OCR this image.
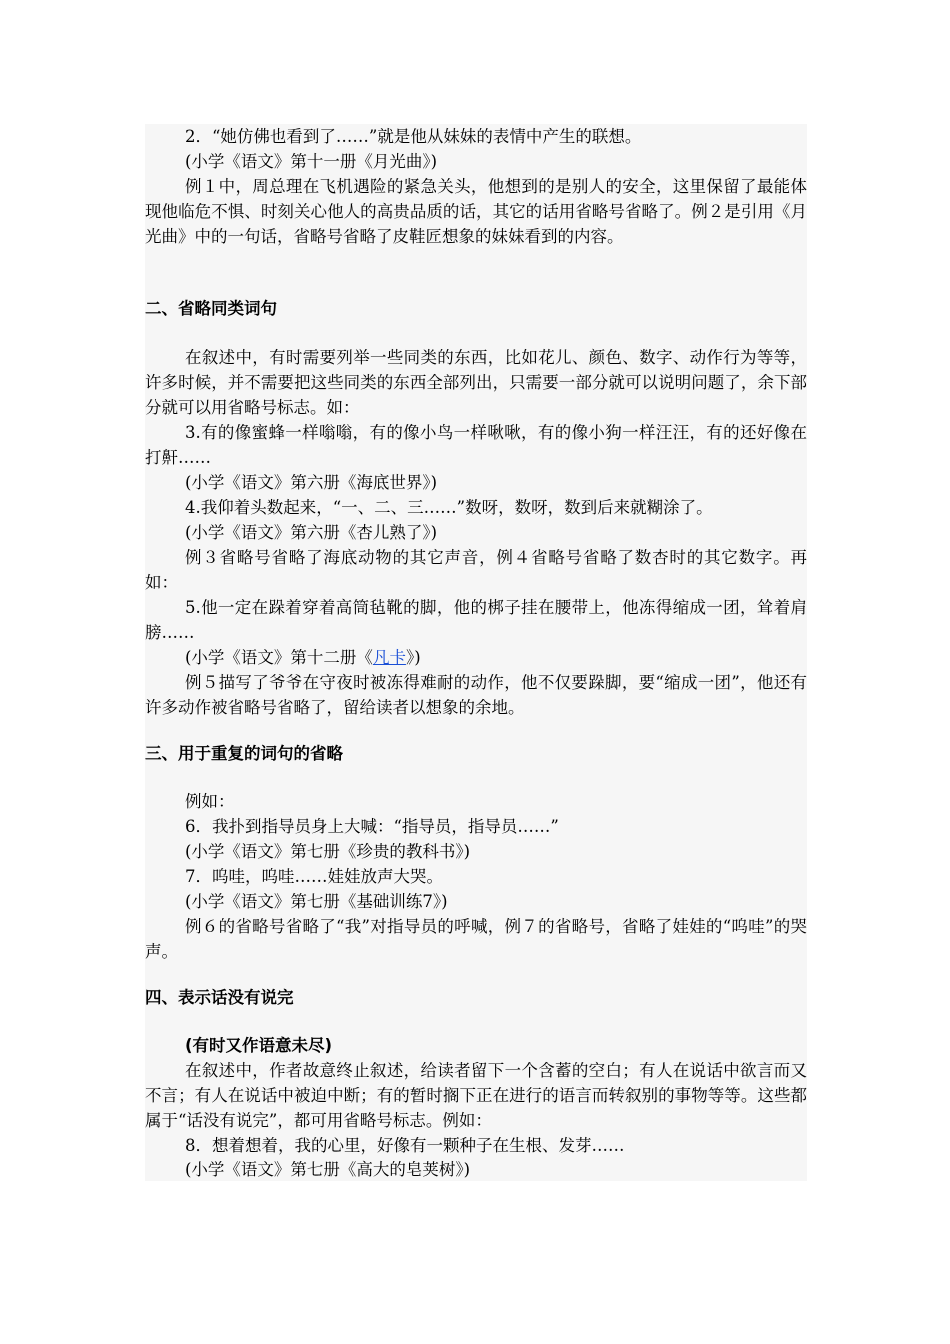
2．“她仿佛也看到了……”就是他从妹妹的表情中产生的联想。

(小学《语文》第十一册《月光曲》)

例１中，周总理在飞机遇险的紧急关头，他想到的是别人的安全，这里保留了最能体现他临危不惧、时刻关心他人的高贵品质的话，其它的话用省略号省略了。例２是引用《月光曲》中的一句话，省略号省略了皮鞋匠想象的妹妹看到的内容。

二、省略同类词句

在叙述中，有时需要列举一些同类的东西，比如花儿、颜色、数字、动作行为等等，许多时候，并不需要把这些同类的东西全部列出，只需要一部分就可以说明问题了，余下部分就可以用省略号标志。如：

3.有的像蜜蜂一样嗡嗡，有的像小鸟一样啾啾，有的像小狗一样汪汪，有的还好像在打鼾……

(小学《语文》第六册《海底世界》)

4.我仰着头数起来，“一、二、三……”数呀，数呀，数到后来就糊涂了。

(小学《语文》第六册《杏儿熟了》)

例３省略号省略了海底动物的其它声音，例４省略号省略了数杏时的其它数字。再如：

5.他一定在跺着穿着高筒毡靴的脚，他的梆子挂在腰带上，他冻得缩成一团，耸着肩膀……

(小学《语文》第十二册《凡卡》)

例５描写了爷爷在守夜时被冻得难耐的动作，他不仅要跺脚，要“缩成一团”，他还有许多动作被省略号省略了，留给读者以想象的余地。

三、用于重复的词句的省略

例如：

6．我扑到指导员身上大喊：“指导员，指导员……”

(小学《语文》第七册《珍贵的教科书》)

7．呜哇，呜哇……娃娃放声大哭。

(小学《语文》第七册《基础训练7》)

例６的省略号省略了“我”对指导员的呼喊，例７的省略号，省略了娃娃的“呜哇”的哭声。

四、表示话没有说完

(有时又作语意未尽)

在叙述中，作者故意终止叙述，给读者留下一个含蓄的空白；有人在说话中欲言而又不言；有人在说话中被迫中断；有的暂时搁下正在进行的语言而转叙别的事物等等。这些都属于“话没有说完”，都可用省略号标志。例如：

8．想着想着，我的心里，好像有一颗种子在生根、发芽……

(小学《语文》第七册《高大的皂荚树》)
